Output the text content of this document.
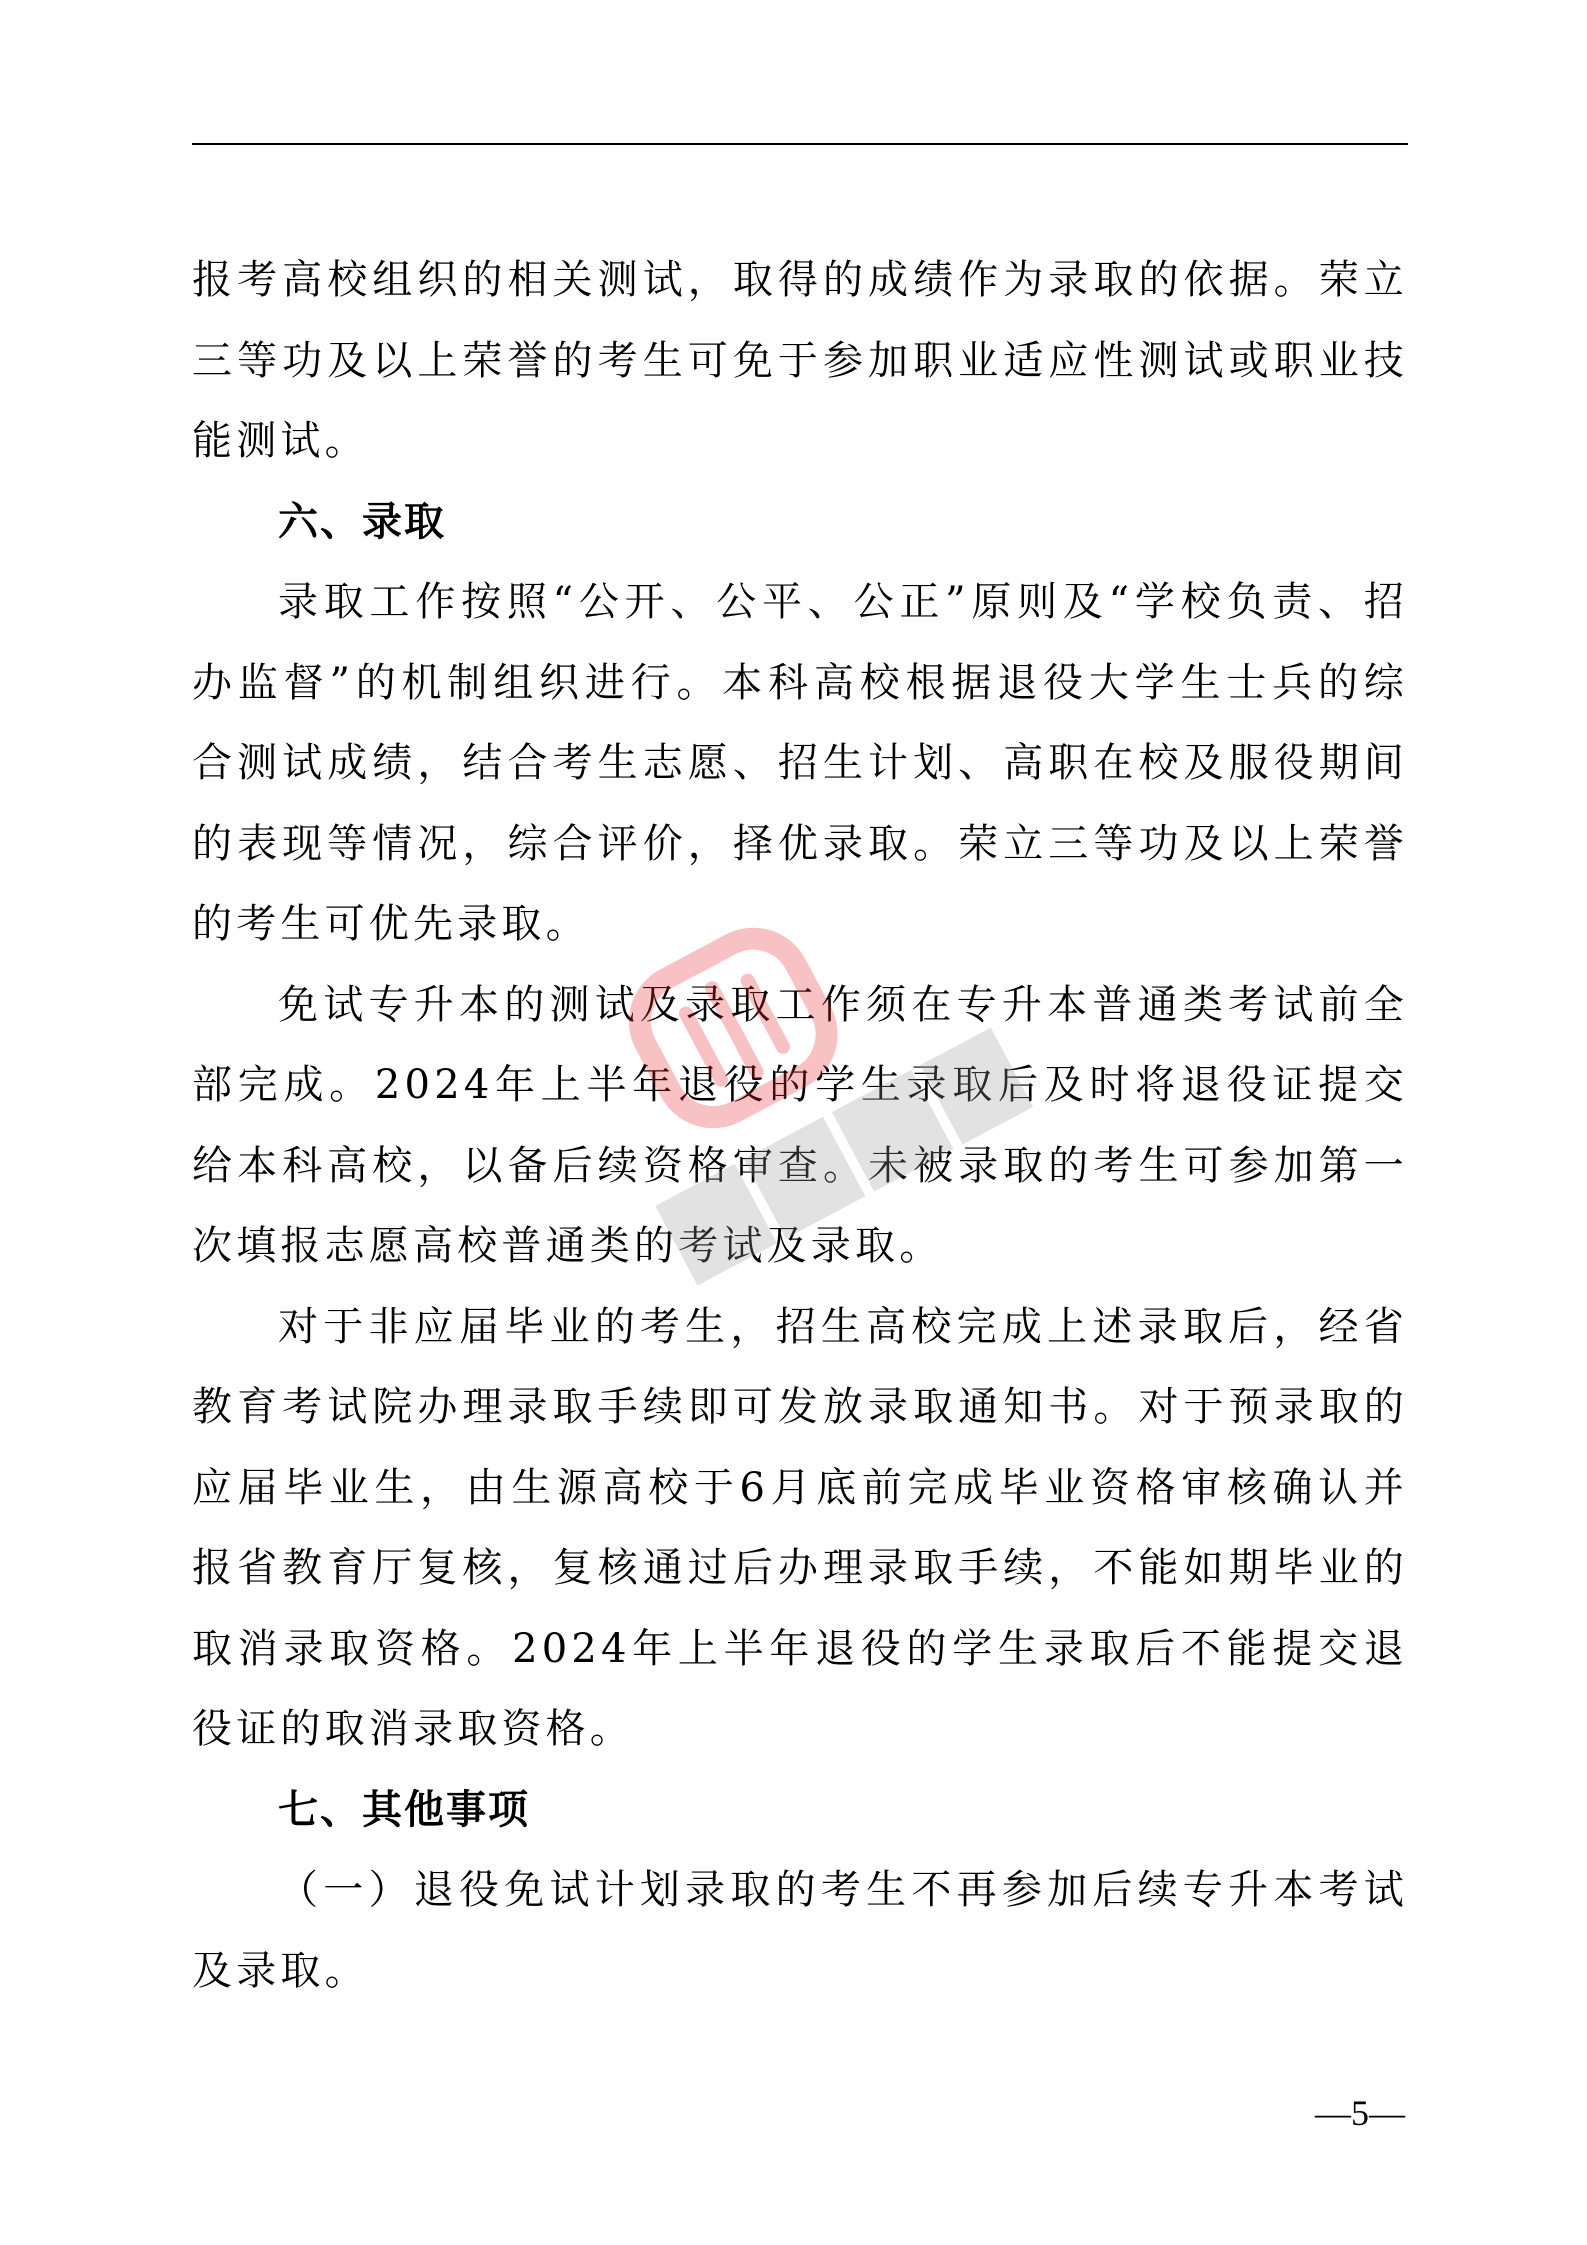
报考高校组织的相关测试，取得的成绩作为录取的依据。荣立三等功及以上荣誉的考生可免于参加职业适应性测试或职业技能测试。

六、录取

录取工作按照“公开、公平、公正”原则及“学校负责、招办监督”的机制组织进行。本科高校根据退役大学生士兵的综合测试成绩，结合考生志愿、招生计划、高职在校及服役期间的表现等情况，综合评价，择优录取。荣立三等功及以上荣誉的考生可优先录取。

免试专升本的测试及录取工作须在专升本普通类考试前全部完成。2024年上半年退役的学生录取后及时将退役证提交给本科高校，以备后续资格审查。未被录取的考生可参加第一次填报志愿高校普通类的考试及录取。

对于非应届毕业的考生，招生高校完成上述录取后，经省教育考试院办理录取手续即可发放录取通知书。对于预录取的应届毕业生，由生源高校于6月底前完成毕业资格审核确认并报省教育厅复核，复核通过后办理录取手续，不能如期毕业的取消录取资格。2024年上半年退役的学生录取后不能提交退役证的取消录取资格。

七、其他事项

（一）退役免试计划录取的考生不再参加后续专升本考试及录取。

—5—
